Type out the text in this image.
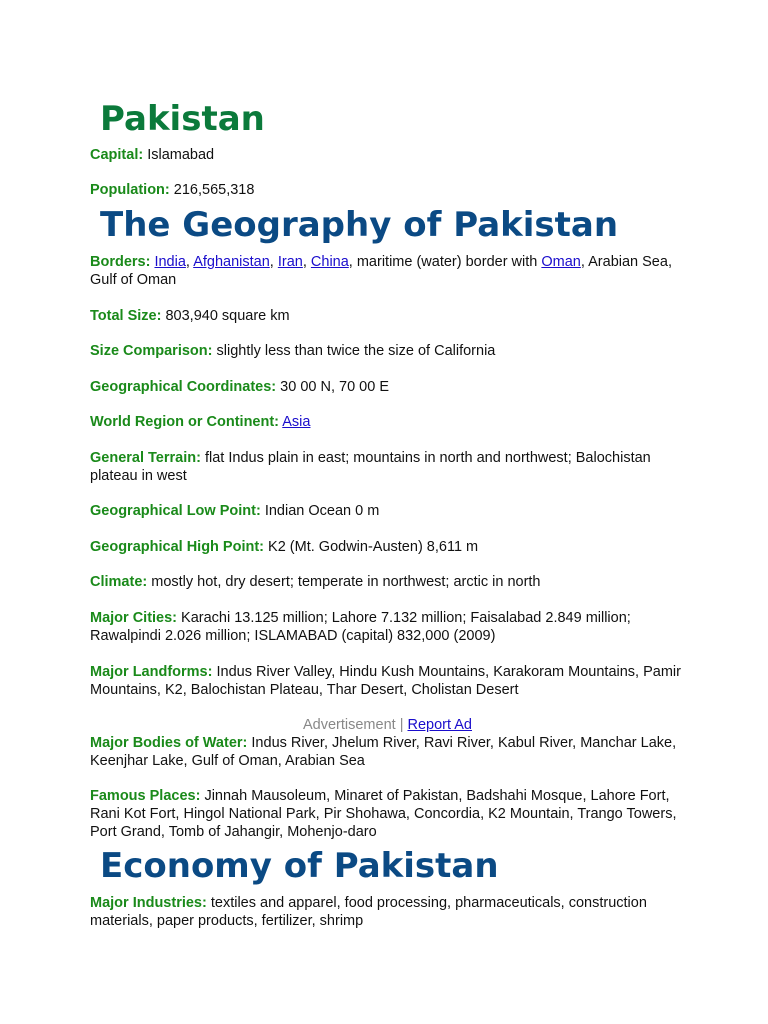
Pakistan

Capital: Islamabad

Population: 216,565,318

The Geography of Pakistan

Borders: India, Afghanistan, Iran, China, maritime (water) border with Oman, Arabian Sea, Gulf of Oman

Total Size: 803,940 square km

Size Comparison: slightly less than twice the size of California

Geographical Coordinates: 30 00 N, 70 00 E

World Region or Continent: Asia

General Terrain: flat Indus plain in east; mountains in north and northwest; Balochistan plateau in west

Geographical Low Point: Indian Ocean 0 m

Geographical High Point: K2 (Mt. Godwin-Austen) 8,611 m

Climate: mostly hot, dry desert; temperate in northwest; arctic in north

Major Cities: Karachi 13.125 million; Lahore 7.132 million; Faisalabad 2.849 million; Rawalpindi 2.026 million; ISLAMABAD (capital) 832,000 (2009)

Major Landforms: Indus River Valley, Hindu Kush Mountains, Karakoram Mountains, Pamir Mountains, K2, Balochistan Plateau, Thar Desert, Cholistan Desert

Advertisement | Report Ad

Major Bodies of Water: Indus River, Jhelum River, Ravi River, Kabul River, Manchar Lake, Keenjhar Lake, Gulf of Oman, Arabian Sea

Famous Places: Jinnah Mausoleum, Minaret of Pakistan, Badshahi Mosque, Lahore Fort, Rani Kot Fort, Hingol National Park, Pir Shohawa, Concordia, K2 Mountain, Trango Towers, Port Grand, Tomb of Jahangir, Mohenjo-daro

Economy of Pakistan

Major Industries: textiles and apparel, food processing, pharmaceuticals, construction materials, paper products, fertilizer, shrimp
